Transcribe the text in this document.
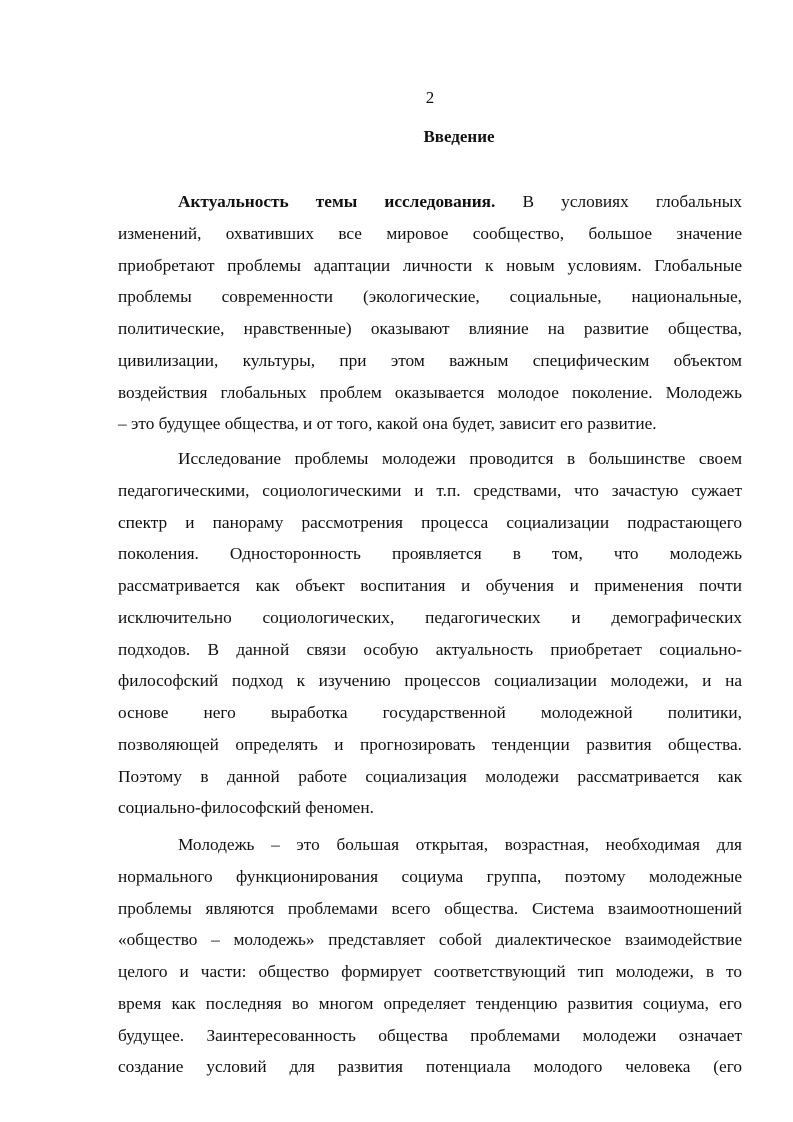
2
Введение
Актуальность темы исследования. В условиях глобальных
изменений, охвативших все мировое сообщество, большое значение
приобретают проблемы адаптации личности к новым условиям. Глобальные
проблемы современности (экологические, социальные, национальные,
политические, нравственные) оказывают влияние на развитие общества,
цивилизации, культуры, при этом важным специфическим объектом
воздействия глобальных проблем оказывается молодое поколение. Молодежь
– это будущее общества, и от того, какой она будет, зависит его развитие.
Исследование проблемы молодежи проводится в большинстве своем
педагогическими, социологическими и т.п. средствами, что зачастую сужает
спектр и панораму рассмотрения процесса социализации подрастающего
поколения. Односторонность проявляется в том, что молодежь
рассматривается как объект воспитания и обучения и применения почти
исключительно социологических, педагогических и демографических
подходов. В данной связи особую актуальность приобретает социально-
философский подход к изучению процессов социализации молодежи, и на
основе него выработка государственной молодежной политики,
позволяющей определять и прогнозировать тенденции развития общества.
Поэтому в данной работе социализация молодежи рассматривается как
социально-философский феномен.
Молодежь – это большая открытая, возрастная, необходимая для
нормального функционирования социума группа, поэтому молодежные
проблемы являются проблемами всего общества. Система взаимоотношений
«общество – молодежь» представляет собой диалектическое взаимодействие
целого и части: общество формирует соответствующий тип молодежи, в то
время как последняя во многом определяет тенденцию развития социума, его
будущее. Заинтересованность общества проблемами молодежи означает
создание условий для развития потенциала молодого человека (его
